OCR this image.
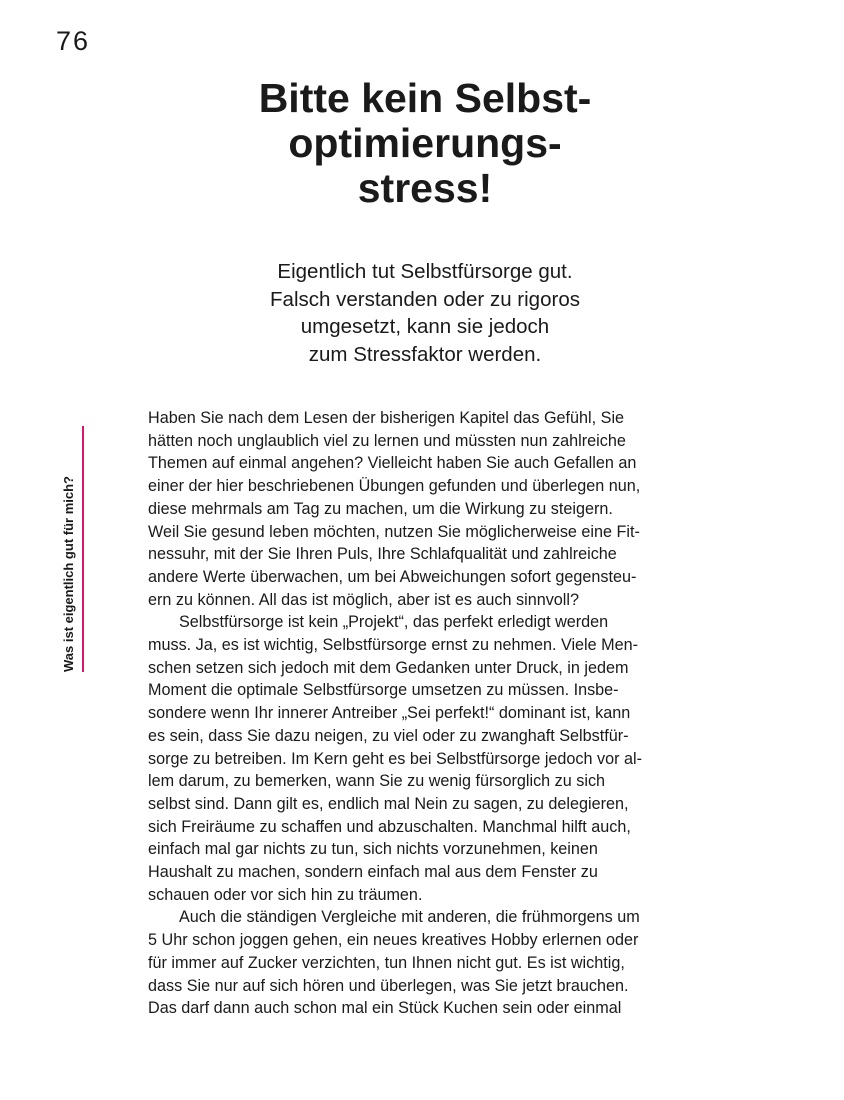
76
Bitte kein Selbst-
optimierungs-
stress!
Eigentlich tut Selbstfürsorge gut.
Falsch verstanden oder zu rigoros
umgesetzt, kann sie jedoch
zum Stressfaktor werden.
Was ist eigentlich gut für mich?
Haben Sie nach dem Lesen der bisherigen Kapitel das Gefühl, Sie
hätten noch unglaublich viel zu lernen und müssten nun zahlreiche
Themen auf einmal angehen? Vielleicht haben Sie auch Gefallen an
einer der hier beschriebenen Übungen gefunden und überlegen nun,
diese mehrmals am Tag zu machen, um die Wirkung zu steigern.
Weil Sie gesund leben möchten, nutzen Sie möglicherweise eine Fit-
nessuhr, mit der Sie Ihren Puls, Ihre Schlafqualität und zahlreiche
andere Werte überwachen, um bei Abweichungen sofort gegensteu-
ern zu können. All das ist möglich, aber ist es auch sinnvoll?
Selbstfürsorge ist kein „Projekt“, das perfekt erledigt werden
muss. Ja, es ist wichtig, Selbstfürsorge ernst zu nehmen. Viele Men-
schen setzen sich jedoch mit dem Gedanken unter Druck, in jedem
Moment die optimale Selbstfürsorge umsetzen zu müssen. Insbe-
sondere wenn Ihr innerer Antreiber „Sei perfekt!“ dominant ist, kann
es sein, dass Sie dazu neigen, zu viel oder zu zwanghaft Selbstfür-
sorge zu betreiben. Im Kern geht es bei Selbstfürsorge jedoch vor al-
lem darum, zu bemerken, wann Sie zu wenig fürsorglich zu sich
selbst sind. Dann gilt es, endlich mal Nein zu sagen, zu delegieren,
sich Freiräume zu schaffen und abzuschalten. Manchmal hilft auch,
einfach mal gar nichts zu tun, sich nichts vorzunehmen, keinen
Haushalt zu machen, sondern einfach mal aus dem Fenster zu
schauen oder vor sich hin zu träumen.
Auch die ständigen Vergleiche mit anderen, die frühmorgens um
5 Uhr schon joggen gehen, ein neues kreatives Hobby erlernen oder
für immer auf Zucker verzichten, tun Ihnen nicht gut. Es ist wichtig,
dass Sie nur auf sich hören und überlegen, was Sie jetzt brauchen.
Das darf dann auch schon mal ein Stück Kuchen sein oder einmal
